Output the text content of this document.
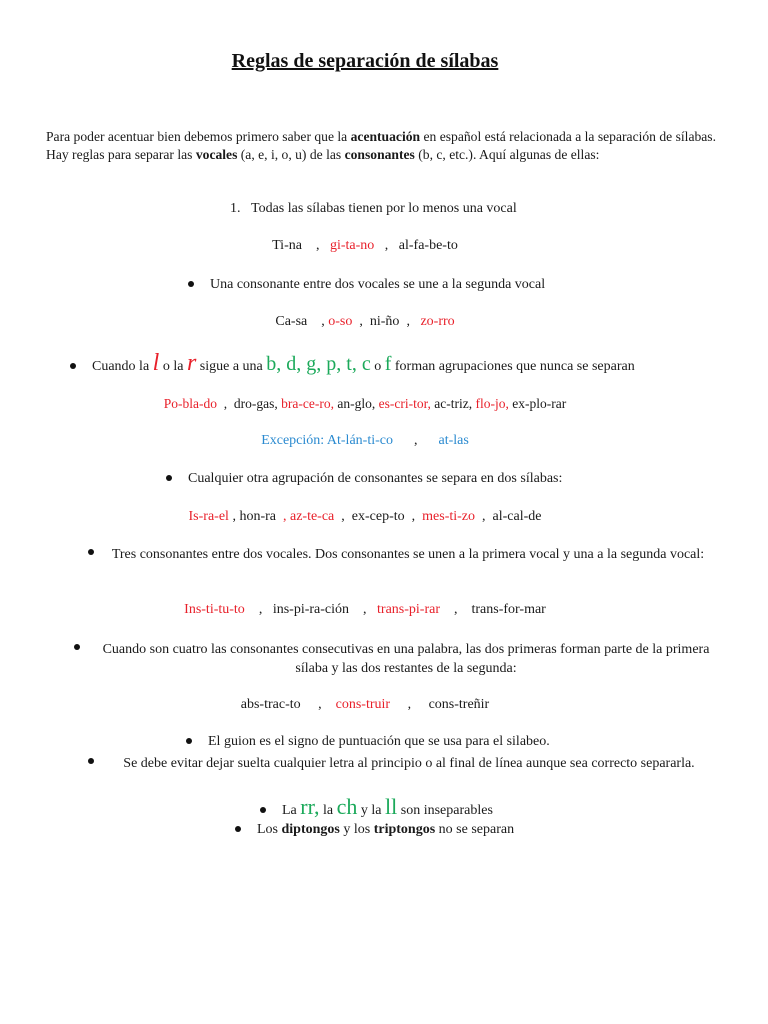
Reglas de separación de sílabas
Para poder acentuar bien debemos primero saber que la acentuación en español está relacionada a la separación de sílabas. Hay reglas para separar las vocales (a, e, i, o, u) de las consonantes (b, c, etc.). Aquí algunas de ellas:
1. Todas las sílabas tienen por lo menos una vocal
Ti-na , gi-ta-no , al-fa-be-to
Una consonante entre dos vocales se une a la segunda vocal
Ca-sa , o-so , ni-ño , zo-rro
Cuando la l o la r sigue a una b, d, g, p, t, c o f forman agrupaciones que nunca se separan
Po-bla-do , dro-gas, bra-ce-ro, an-glo, es-cri-tor, ac-triz, flo-jo, ex-plo-rar
Excepción: At-lán-ti-co , at-las
Cualquier otra agrupación de consonantes se separa en dos sílabas:
Is-ra-el , hon-ra , az-te-ca , ex-cep-to , mes-ti-zo , al-cal-de
Tres consonantes entre dos vocales. Dos consonantes se unen a la primera vocal y una a la segunda vocal:
Ins-ti-tu-to , ins-pi-ra-ción , trans-pi-rar , trans-for-mar
Cuando son cuatro las consonantes consecutivas en una palabra, las dos primeras forman parte de la primera sílaba y las dos restantes de la segunda:
abs-trac-to , cons-truir , cons-treñir
El guion es el signo de puntuación que se usa para el silabeo.
Se debe evitar dejar suelta cualquier letra al principio o al final de línea aunque sea correcto separarla.
La rr, la ch y la ll son inseparables
Los diptongos y los triptongos no se separan
